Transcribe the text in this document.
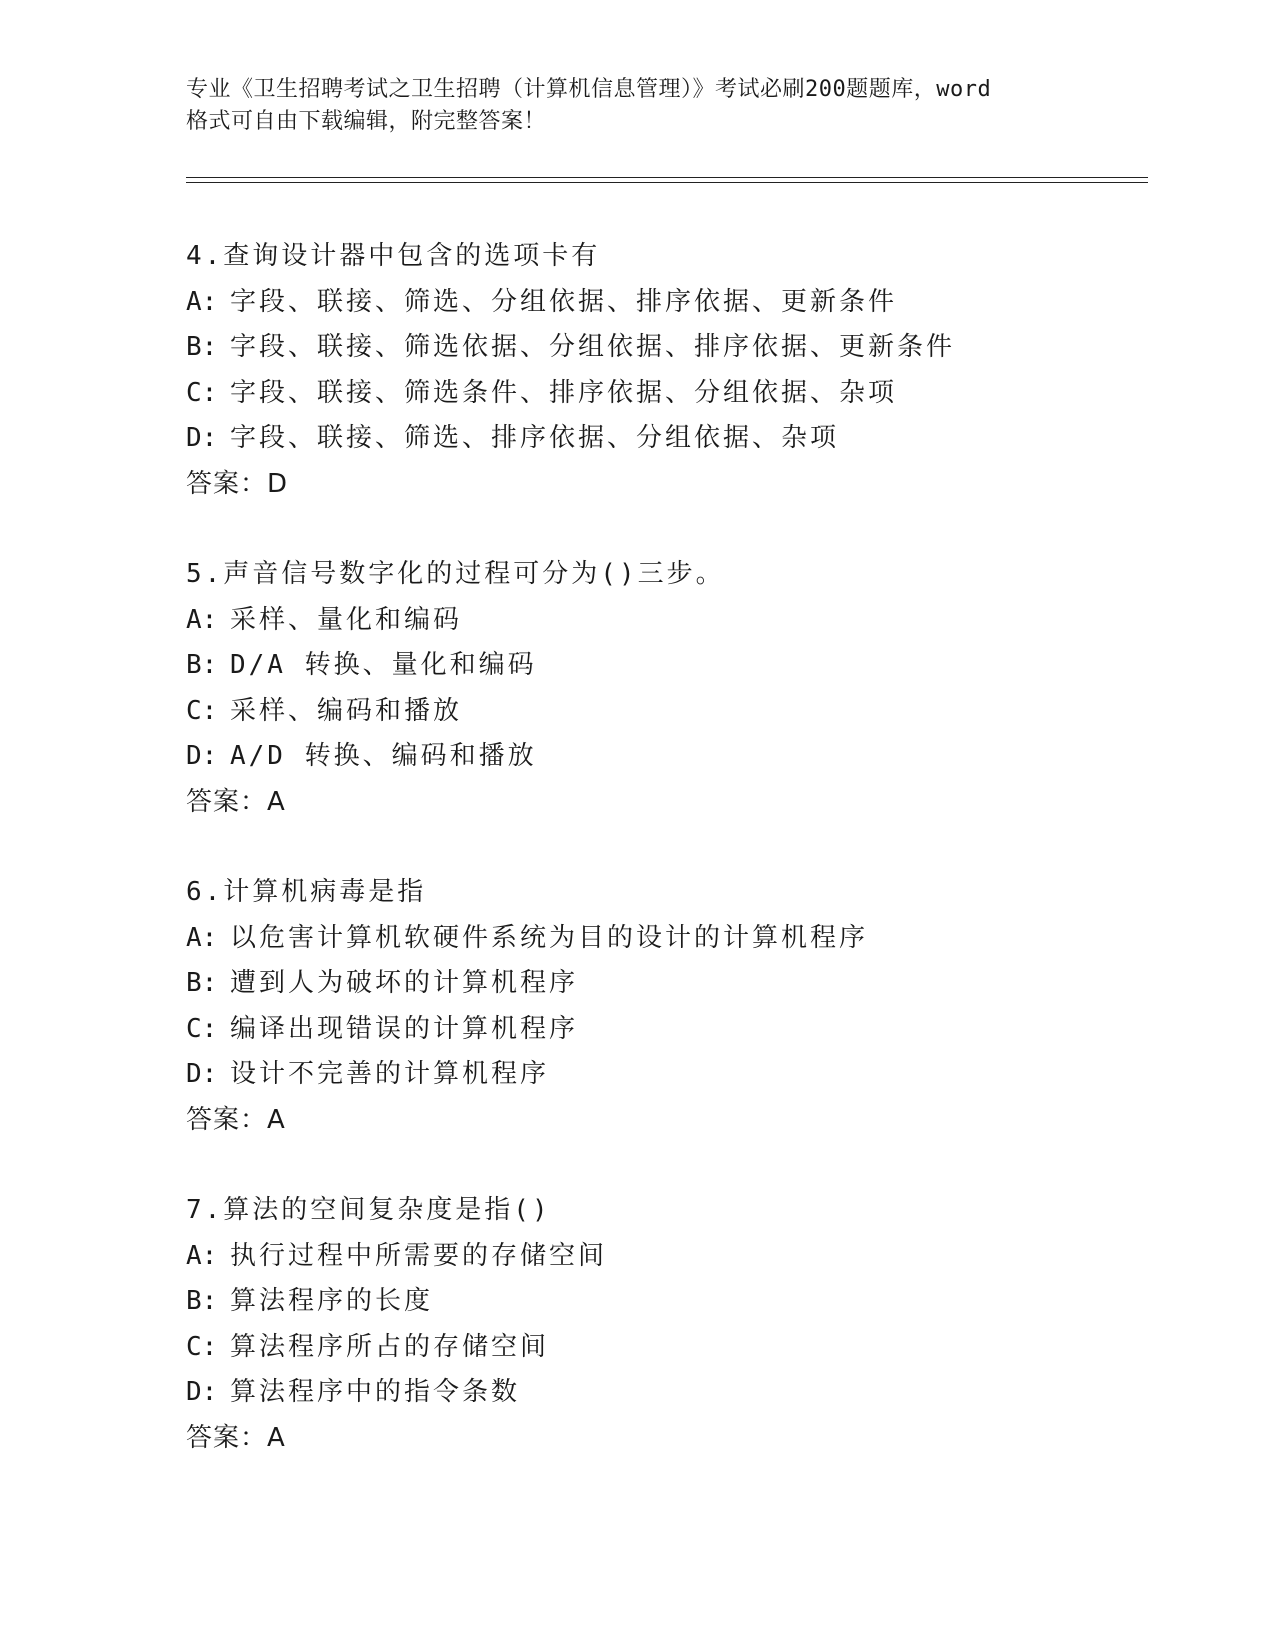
专业《卫生招聘考试之卫生招聘（计算机信息管理）》考试必刷200题题库，word
格式可自由下载编辑，附完整答案！
4.查询设计器中包含的选项卡有
A: 字段、联接、筛选、分组依据、排序依据、更新条件
B: 字段、联接、筛选依据、分组依据、排序依据、更新条件
C: 字段、联接、筛选条件、排序依据、分组依据、杂项
D: 字段、联接、筛选、排序依据、分组依据、杂项
答案：D
5.声音信号数字化的过程可分为()三步。
A: 采样、量化和编码
B: D/A 转换、量化和编码
C: 采样、编码和播放
D: A/D 转换、编码和播放
答案：A
6.计算机病毒是指
A: 以危害计算机软硬件系统为目的设计的计算机程序
B: 遭到人为破坏的计算机程序
C: 编译出现错误的计算机程序
D: 设计不完善的计算机程序
答案：A
7.算法的空间复杂度是指()
A: 执行过程中所需要的存储空间
B: 算法程序的长度
C: 算法程序所占的存储空间
D: 算法程序中的指令条数
答案：A
